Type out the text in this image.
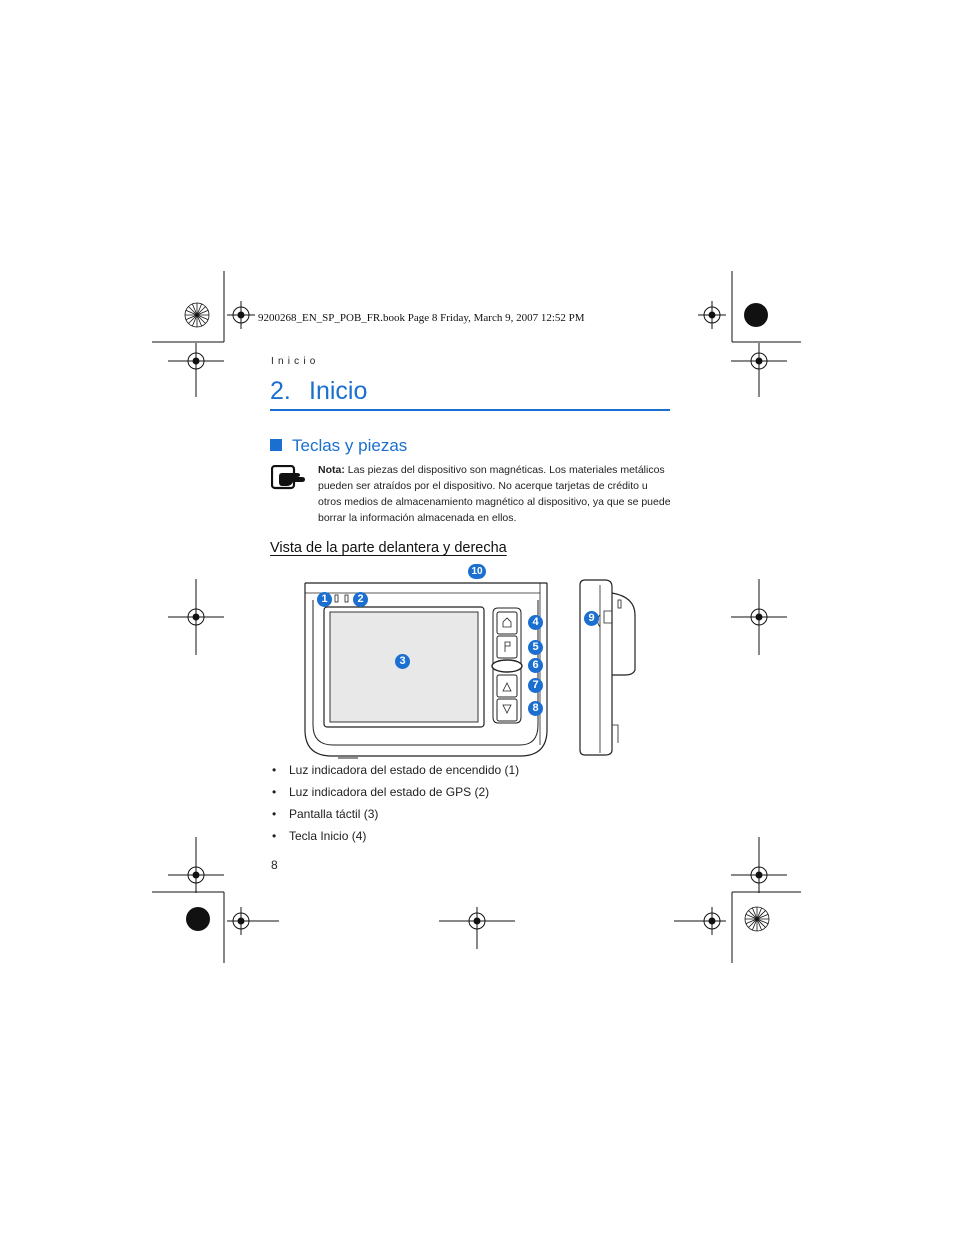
9200268_EN_SP_POB_FR.book Page 8 Friday, March 9, 2007 12:52 PM
Inicio
2. Inicio
Teclas y piezas
Nota: Las piezas del dispositivo son magnéticas. Los materiales metálicos pueden ser atraídos por el dispositivo. No acerque tarjetas de crédito u otros medios de almacenamiento magnético al dispositivo, ya que se puede borrar la información almacenada en ellos.
Vista de la parte delantera y derecha
1	2
3
4
5
6
7
8
9
10
• Luz indicadora del estado de encendido (1)
• Luz indicadora del estado de GPS (2)
• Pantalla táctil (3)
• Tecla Inicio (4)
8
